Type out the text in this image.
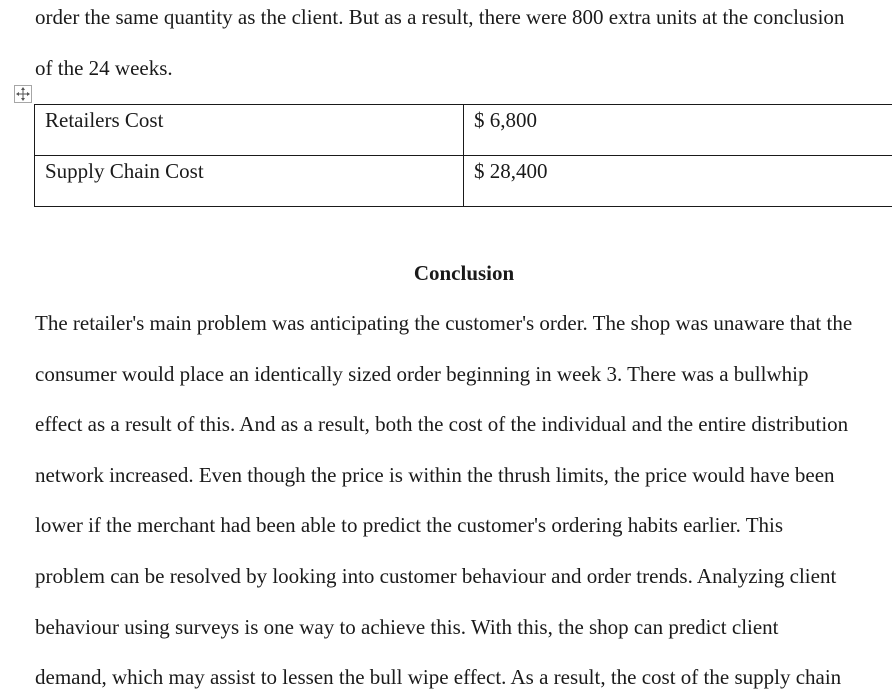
order the same quantity as the client. But as a result, there were 800 extra units at the conclusion
of the 24 weeks.
Retailers Cost	$ 6,800
Supply Chain Cost	$ 28,400
Conclusion
The retailer's main problem was anticipating the customer's order. The shop was unaware that the
consumer would place an identically sized order beginning in week 3. There was a bullwhip
effect as a result of this. And as a result, both the cost of the individual and the entire distribution
network increased. Even though the price is within the thrush limits, the price would have been
lower if the merchant had been able to predict the customer's ordering habits earlier. This
problem can be resolved by looking into customer behaviour and order trends. Analyzing client
behaviour using surveys is one way to achieve this. With this, the shop can predict client
demand, which may assist to lessen the bull wipe effect. As a result, the cost of the supply chain
